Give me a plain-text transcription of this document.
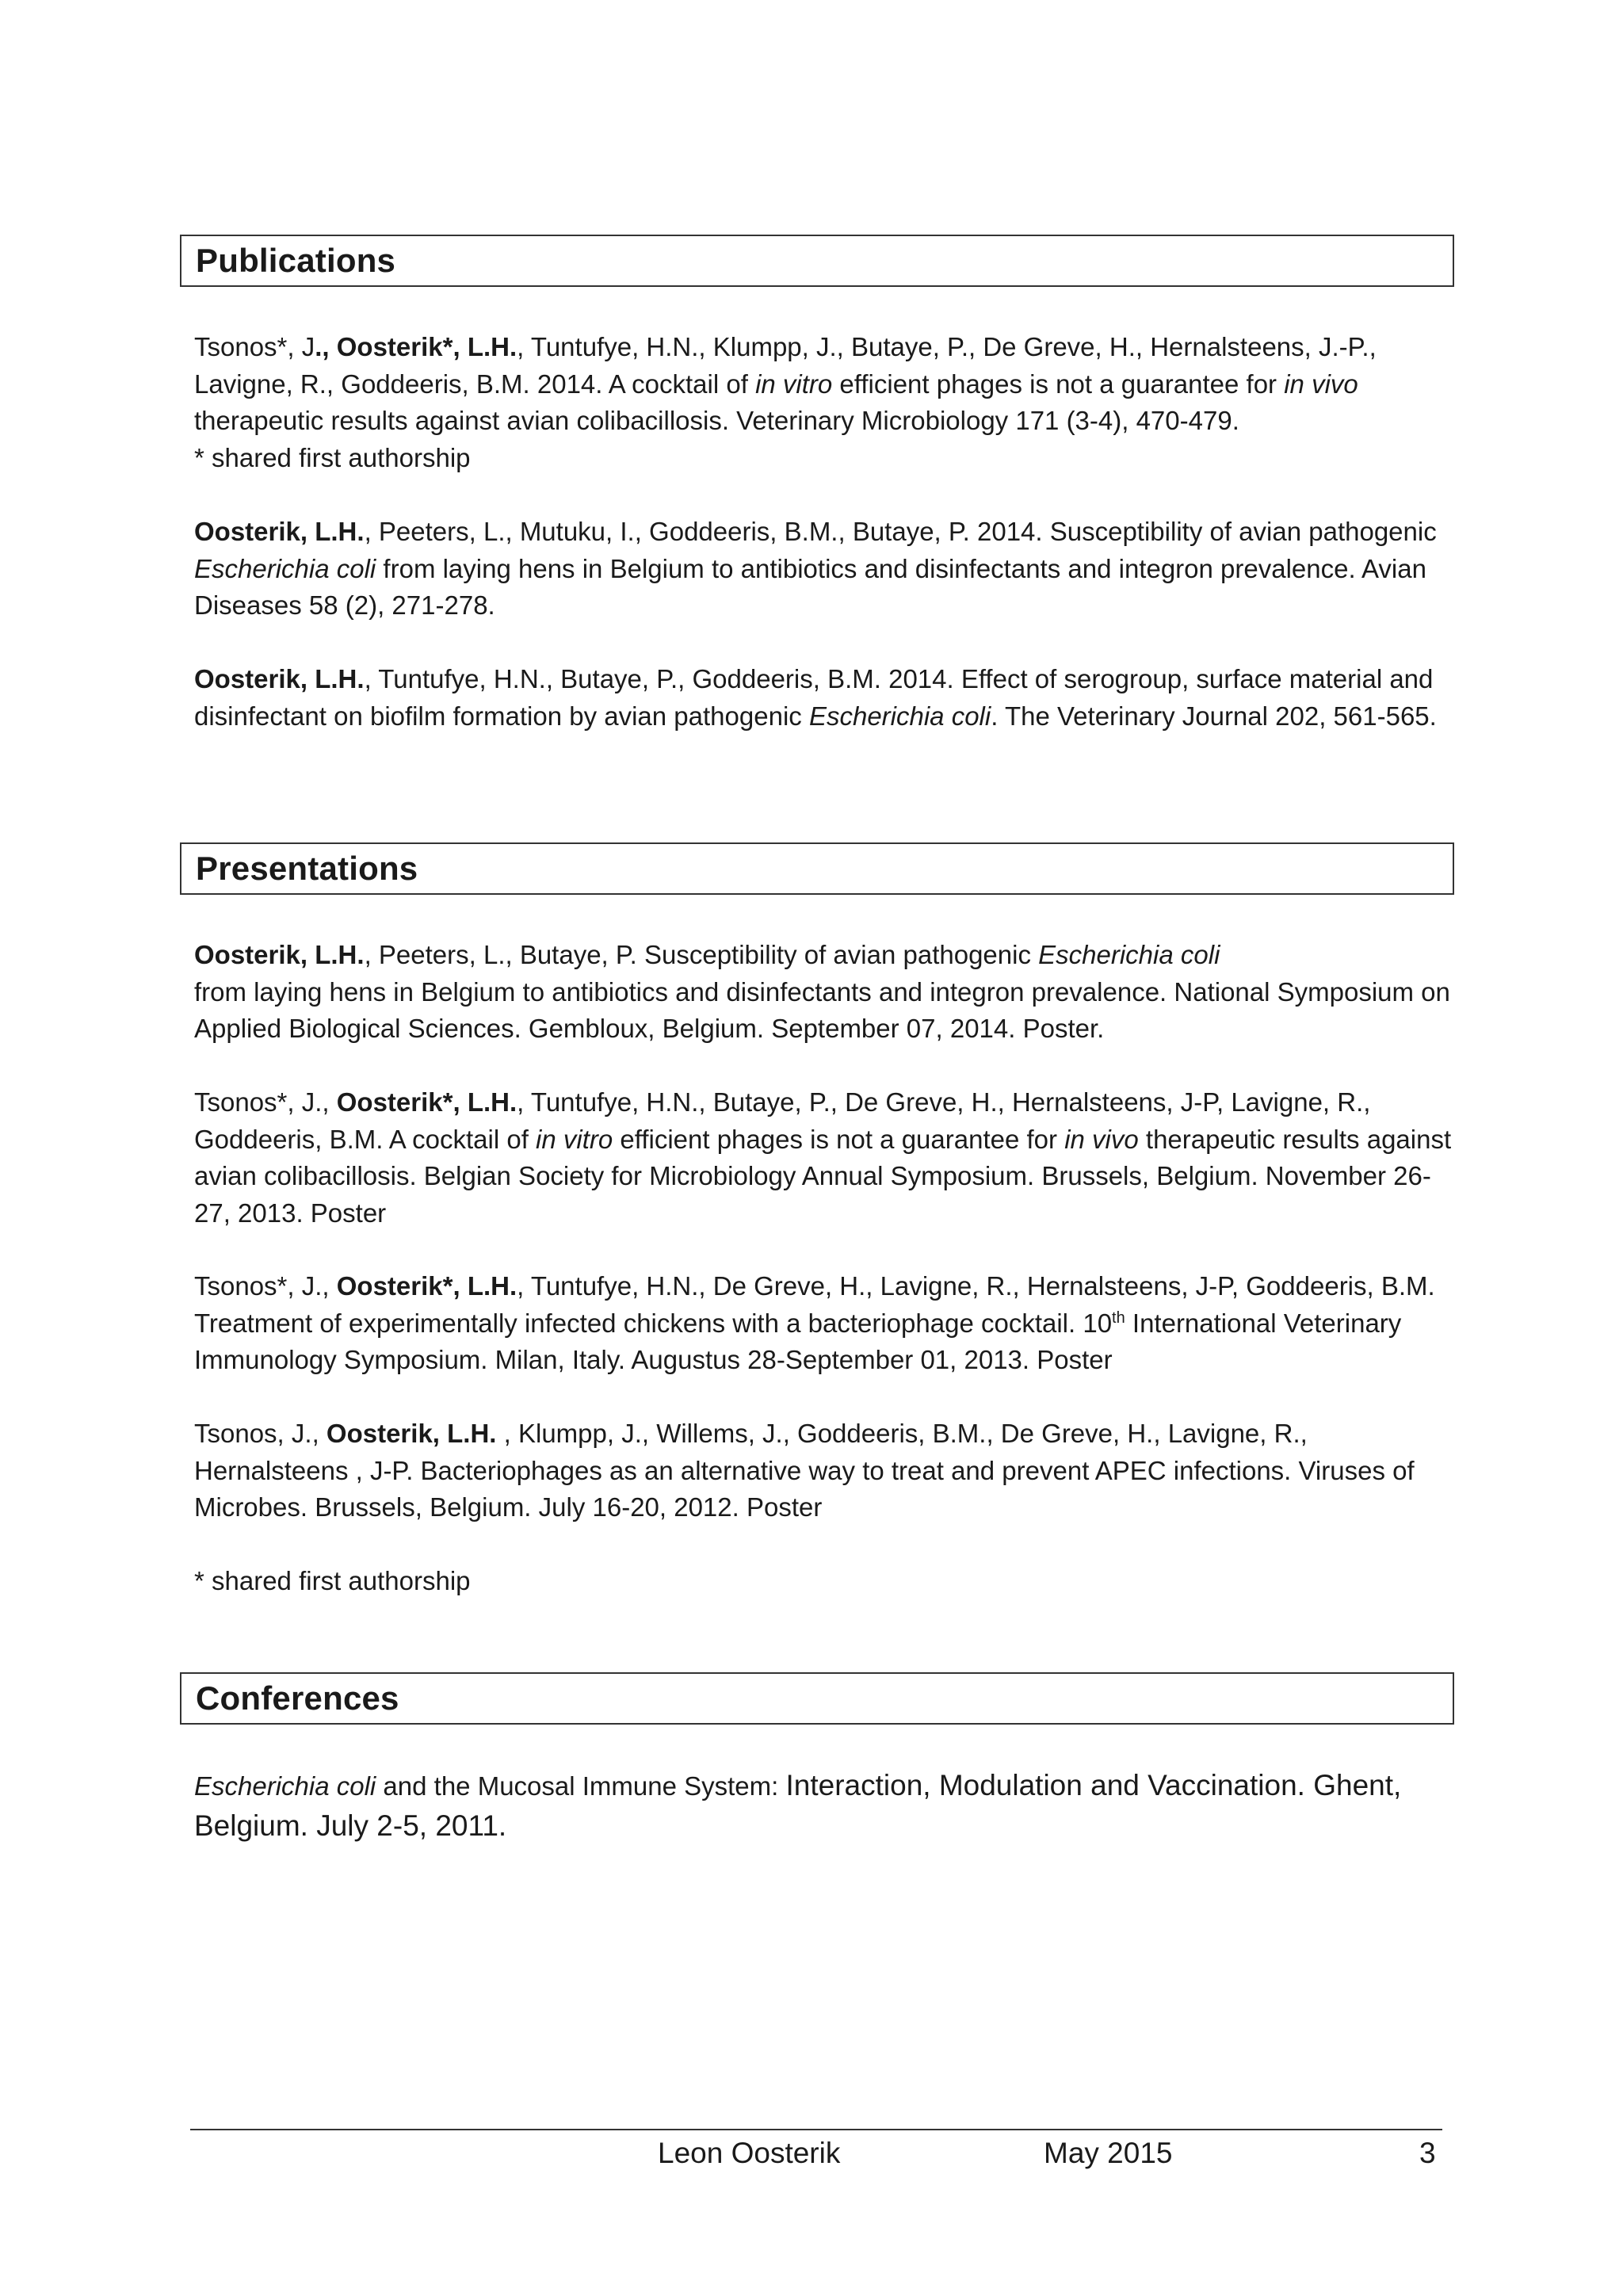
Publications

Tsonos*, J., Oosterik*, L.H., Tuntufye, H.N., Klumpp, J., Butaye, P., De Greve, H., Hernalsteens, J.-P., Lavigne, R., Goddeeris, B.M. 2014. A cocktail of in vitro efficient phages is not a guarantee for in vivo therapeutic results against avian colibacillosis. Veterinary Microbiology 171 (3-4), 470-479.

* shared first authorship

Oosterik, L.H., Peeters, L., Mutuku, I., Goddeeris, B.M., Butaye, P. 2014. Susceptibility of avian pathogenic Escherichia coli from laying hens in Belgium to antibiotics and disinfectants and integron prevalence. Avian Diseases 58 (2), 271-278.

Oosterik, L.H., Tuntufye, H.N., Butaye, P., Goddeeris, B.M. 2014. Effect of serogroup, surface material and disinfectant on biofilm formation by avian pathogenic Escherichia coli. The Veterinary Journal 202, 561-565.

Presentations

Oosterik, L.H., Peeters, L., Butaye, P. Susceptibility of avian pathogenic Escherichia coli
from laying hens in Belgium to antibiotics and disinfectants and integron prevalence. National Symposium on Applied Biological Sciences. Gembloux, Belgium. September 07, 2014. Poster.

Tsonos*, J., Oosterik*, L.H., Tuntufye, H.N., Butaye, P., De Greve, H., Hernalsteens, J-P, Lavigne, R., Goddeeris, B.M. A cocktail of in vitro efficient phages is not a guarantee for in vivo therapeutic results against avian colibacillosis. Belgian Society for Microbiology Annual Symposium. Brussels, Belgium. November 26-27, 2013. Poster

Tsonos*, J., Oosterik*, L.H., Tuntufye, H.N., De Greve, H., Lavigne, R., Hernalsteens, J-P, Goddeeris, B.M. Treatment of experimentally infected chickens with a bacteriophage cocktail. 10th International Veterinary Immunology Symposium. Milan, Italy. Augustus 28-September 01, 2013. Poster

Tsonos, J., Oosterik, L.H. , Klumpp, J., Willems, J., Goddeeris, B.M., De Greve, H., Lavigne, R., Hernalsteens , J-P. Bacteriophages as an alternative way to treat and prevent APEC infections. Viruses of Microbes. Brussels, Belgium. July 16-20, 2012. Poster

* shared first authorship

Conferences

Escherichia coli and the Mucosal Immune System: Interaction, Modulation and Vaccination. Ghent, Belgium. July 2-5, 2011.

Leon Oosterik	May 2015	3
